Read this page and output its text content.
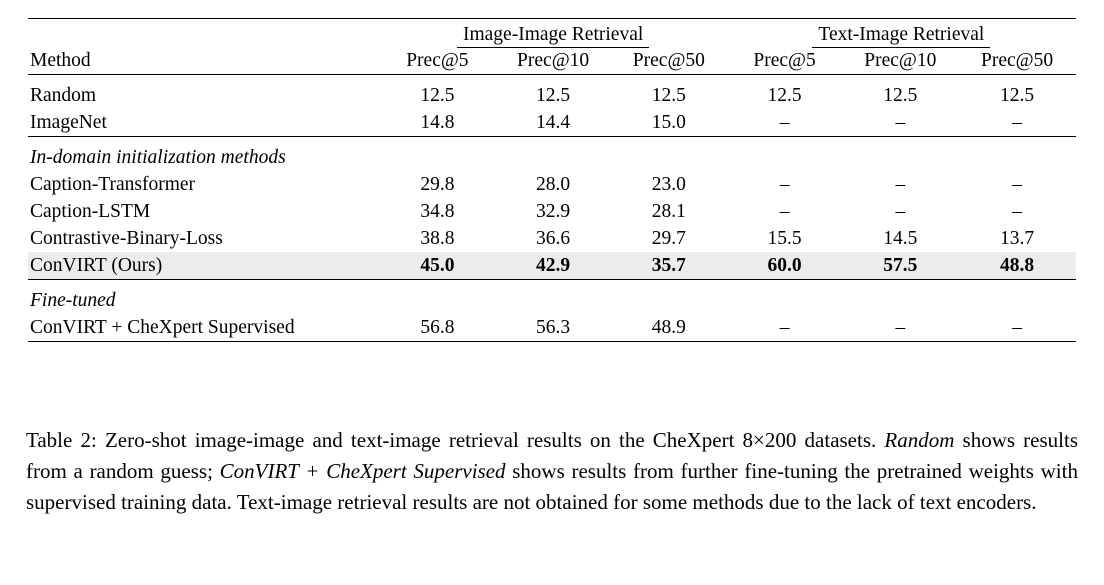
	Image-Image Retrieval			Text-Image Retrieval		
Method	Prec@5	Prec@10	Prec@50	Prec@5	Prec@10	Prec@50

Random	12.5	12.5	12.5	12.5	12.5	12.5
ImageNet	14.8	14.4	15.0	–	–	–

In-domain initialization methods						
Caption-Transformer	29.8	28.0	23.0	–	–	–
Caption-LSTM	34.8	32.9	28.1	–	–	–
Contrastive-Binary-Loss	38.8	36.6	29.7	15.5	14.5	13.7
ConVIRT (Ours)	45.0	42.9	35.7	60.0	57.5	48.8

Fine-tuned						
ConVIRT + CheXpert Supervised	56.8	56.3	48.9	–	–	–

Table 2: Zero-shot image-image and text-image retrieval results on the CheXpert 8×200 datasets. Random shows results from a random guess; ConVIRT + CheXpert Supervised shows results from further fine-tuning the pretrained weights with supervised training data. Text-image retrieval results are not obtained for some methods due to the lack of text encoders.
